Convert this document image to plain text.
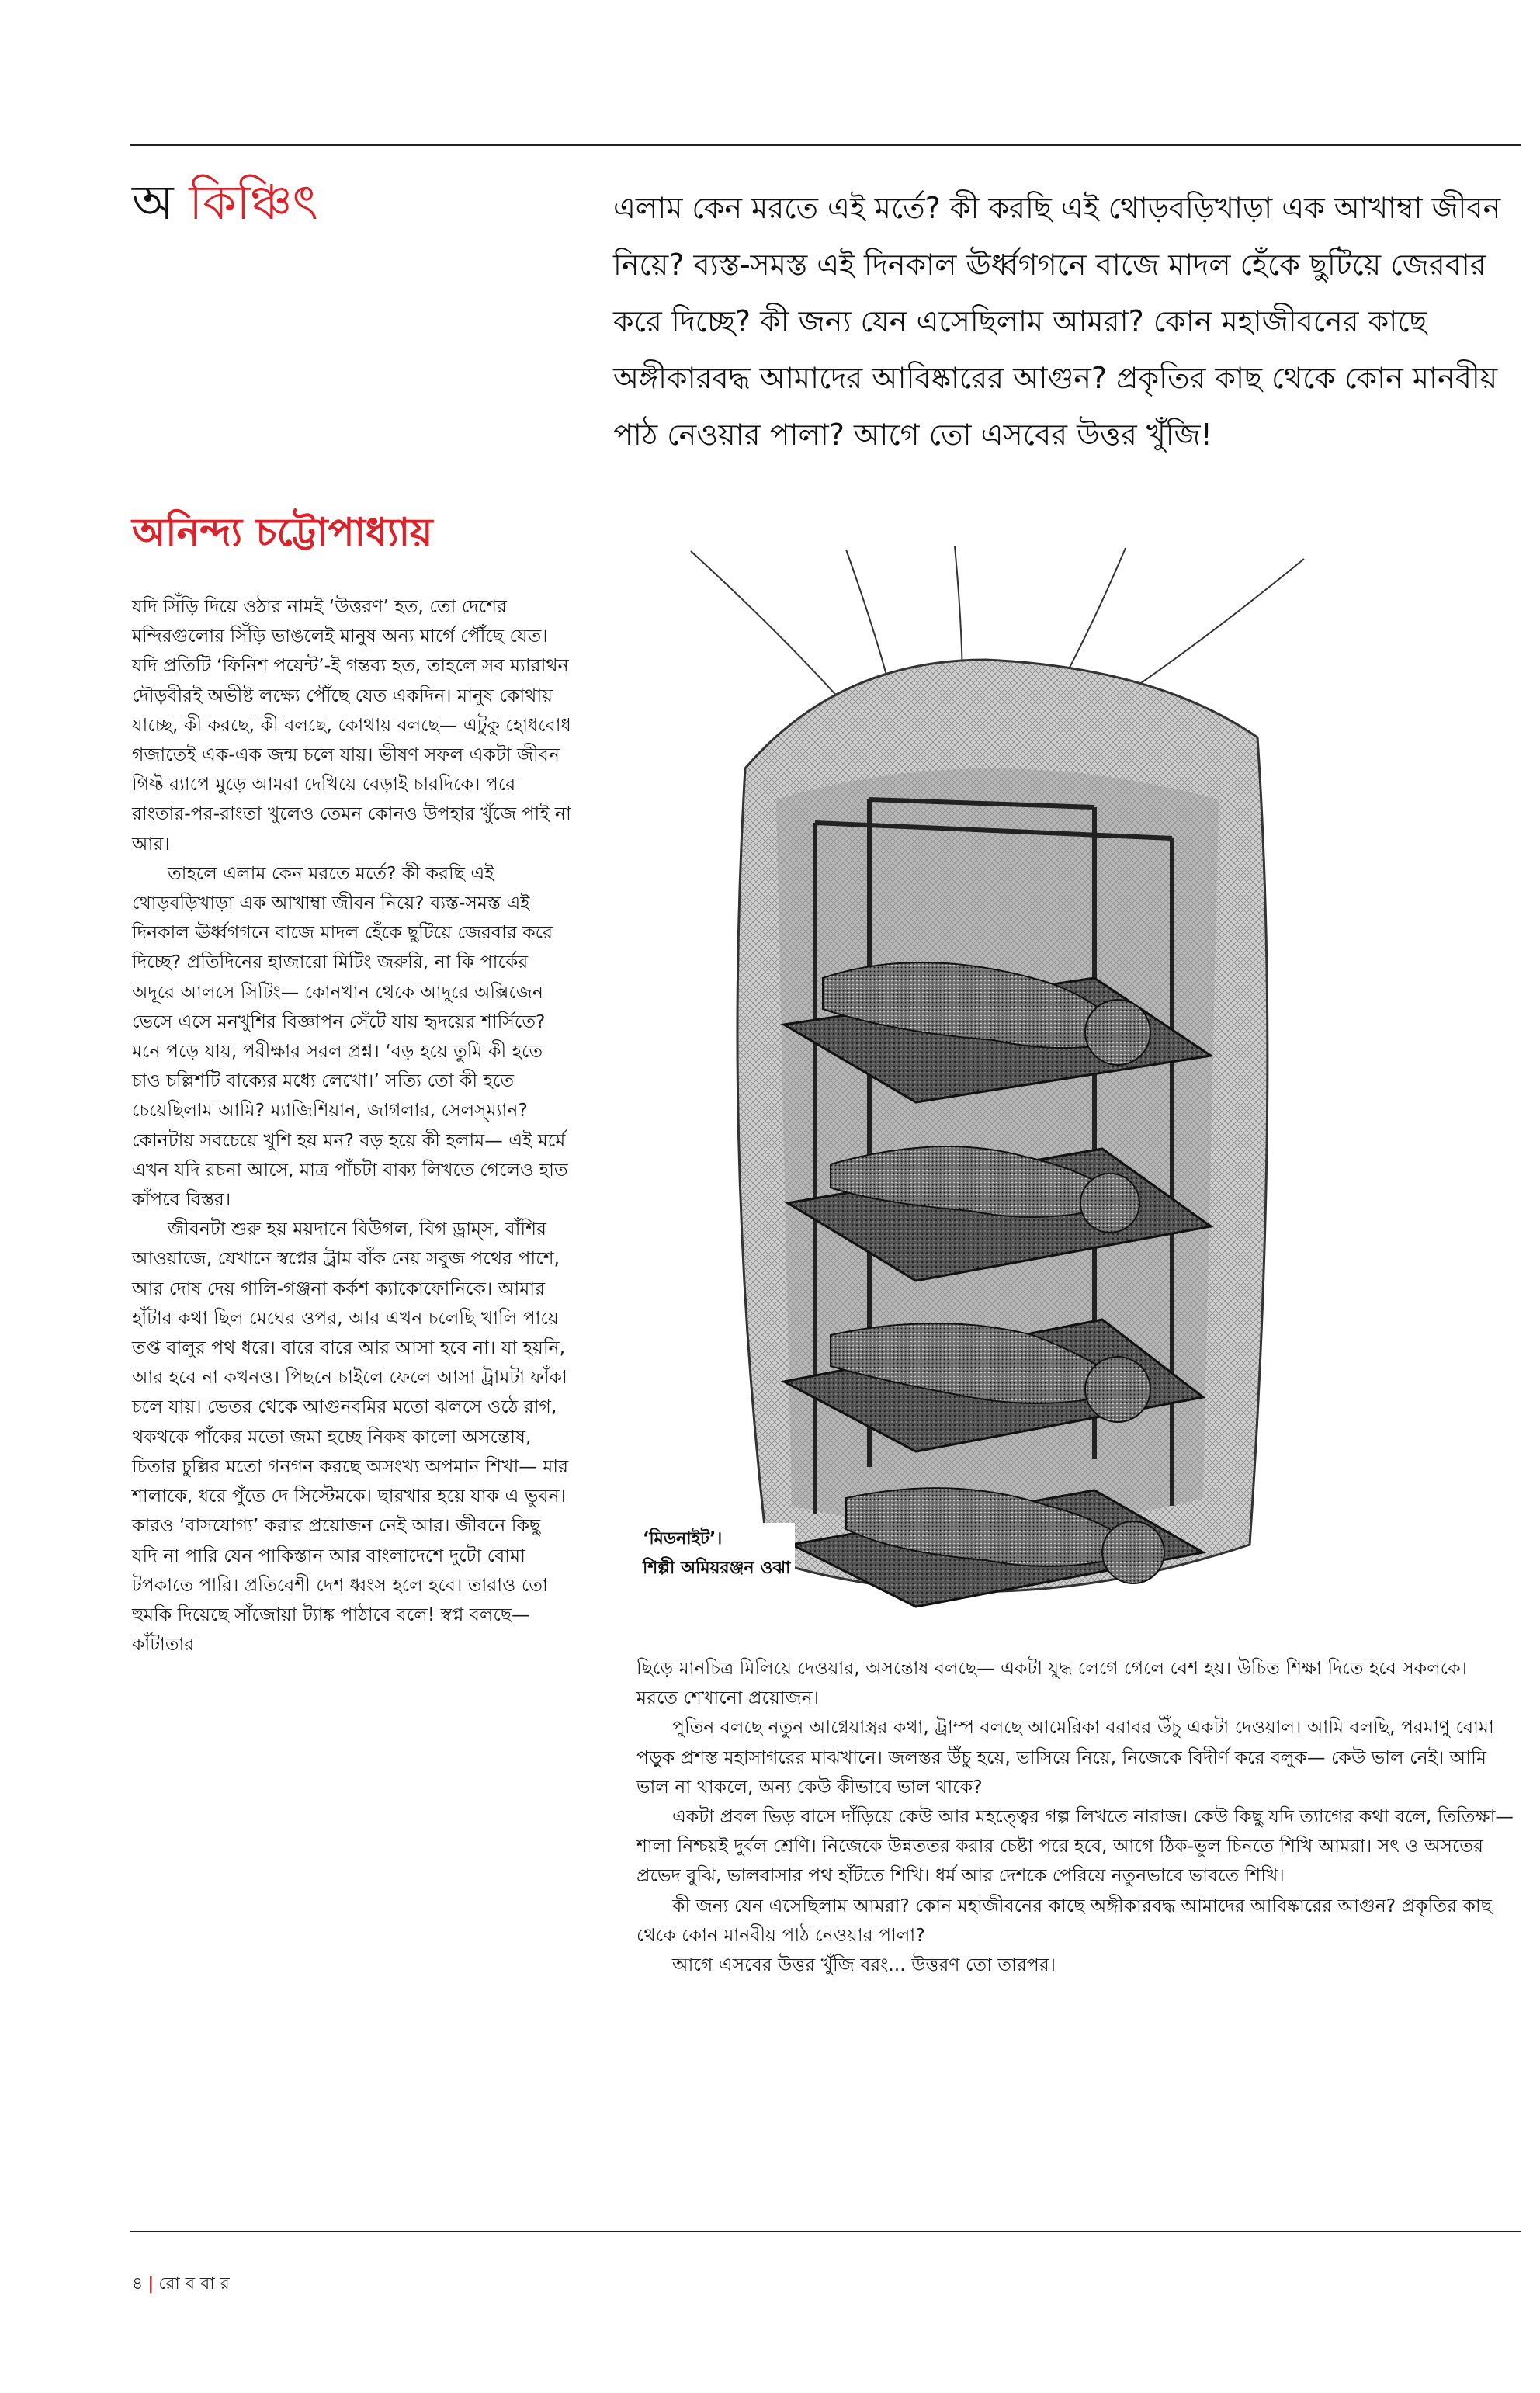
অ কিঞ্চিৎ	এলাম কেন মরতে এই মর্তে? কী করছি এই থোড়বড়িখাড়া এক আখাম্বা জীবন নিয়ে? ব্যস্ত-সমস্ত এই দিনকাল ঊর্ধ্বগগনে বাজে মাদল হেঁকে ছুটিয়ে জেরবার করে দিচ্ছে? কী জন্য যেন এসেছিলাম আমরা? কোন মহাজীবনের কাছে অঙ্গীকারবদ্ধ আমাদের আবিষ্কারের আগুন? প্রকৃতির কাছ থেকে কোন মানবীয় পাঠ নেওয়ার পালা? আগে তো এসবের উত্তর খুঁজি!

অনিন্দ্য চট্টোপাধ্যায়

যদি সিঁড়ি দিয়ে ওঠার নামই ‘উত্তরণ’ হত, তো দেশের মন্দিরগুলোর সিঁড়ি ভাঙলেই মানুষ অন্য মার্গে পৌঁছে যেত। যদি প্রতিটি ‘ফিনিশ পয়েন্ট’-ই গন্তব্য হত, তাহলে সব ম্যারাথন দৌড়বীরই অভীষ্ট লক্ষ্যে পৌঁছে যেত একদিন। মানুষ কোথায় যাচ্ছে, কী করছে, কী বলছে, কোথায় বলছে— এটুকু হোধবোধ গজাতেই এক-এক জন্ম চলে যায়। ভীষণ সফল একটা জীবন গিফ্ট র‍্যাপে মুড়ে আমরা দেখিয়ে বেড়াই চারদিকে। পরে রাংতার-পর-রাংতা খুলেও তেমন কোনও উপহার খুঁজে পাই না আর।

তাহলে এলাম কেন মরতে মর্তে? কী করছি এই থোড়বড়িখাড়া এক আখাম্বা জীবন নিয়ে? ব্যস্ত-সমস্ত এই দিনকাল ঊর্ধ্বগগনে বাজে মাদল হেঁকে ছুটিয়ে জেরবার করে দিচ্ছে? প্রতিদিনের হাজারো মিটিং জরুরি, না কি পার্কের অদূরে আলসে সিটিং— কোনখান থেকে আদুরে অক্সিজেন ভেসে এসে মনখুশির বিজ্ঞাপন সেঁটে যায় হৃদয়ের শার্সিতে? মনে পড়ে যায়, পরীক্ষার সরল প্রশ্ন। ‘বড় হয়ে তুমি কী হতে চাও চল্লিশটি বাক্যের মধ্যে লেখো।’ সত্যি তো কী হতে চেয়েছিলাম আমি? ম্যাজিশিয়ান, জাগলার, সেলস্‌ম্যান? কোনটায় সবচেয়ে খুশি হয় মন? বড় হয়ে কী হলাম— এই মর্মে এখন যদি রচনা আসে, মাত্র পাঁচটা বাক্য লিখতে গেলেও হাত কাঁপবে বিস্তর।

জীবনটা শুরু হয় ময়দানে বিউগল, বিগ ড্রাম্স, বাঁশির আওয়াজে, যেখানে স্বপ্নের ট্রাম বাঁক নেয় সবুজ পথের পাশে, আর দোষ দেয় গালি-গঞ্জনা কর্কশ ক্যাকোফোনিকে। আমার হাঁটার কথা ছিল মেঘের ওপর, আর এখন চলেছি খালি পায়ে তপ্ত বালুর পথ ধরে। বারে বারে আর আসা হবে না। যা হয়নি, আর হবে না কখনও। পিছনে চাইলে ফেলে আসা ট্রামটা ফাঁকা চলে যায়। ভেতর থেকে আগুনবমির মতো ঝলসে ওঠে রাগ, থকথকে পাঁকের মতো জমা হচ্ছে নিকষ কালো অসন্তোষ, চিতার চুল্লির মতো গনগন করছে অসংখ্য অপমান শিখা— মার শালাকে, ধরে পুঁতে দে সিস্টেমকে। ছারখার হয়ে যাক এ ভুবন। কারও ‘বাসযোগ্য’ করার প্রয়োজন নেই আর। জীবনে কিছু যদি না পারি যেন পাকিস্তান আর বাংলাদেশে দুটো বোমা টপকাতে পারি। প্রতিবেশী দেশ ধ্বংস হলে হবে। তারাও তো হুমকি দিয়েছে সাঁজোয়া ট্যাঙ্ক পাঠাবে বলে! স্বপ্ন বলছে— কাঁটাতার

‘মিডনাইট’।
শিল্পী অমিয়রঞ্জন ওঝা

ছিড়ে মানচিত্র মিলিয়ে দেওয়ার, অসন্তোষ বলছে— একটা যুদ্ধ লেগে গেলে বেশ হয়। উচিত শিক্ষা দিতে হবে সকলকে। মরতে শেখানো প্রয়োজন।

পুতিন বলছে নতুন আগ্নেয়াস্ত্রর কথা, ট্রাম্প বলছে আমেরিকা বরাবর উঁচু একটা দেওয়াল। আমি বলছি, পরমাণু বোমা পড়ুক প্রশস্ত মহাসাগরের মাঝখানে। জলস্তর উঁচু হয়ে, ভাসিয়ে নিয়ে, নিজেকে বিদীর্ণ করে বলুক— কেউ ভাল নেই। আমি ভাল না থাকলে, অন্য কেউ কীভাবে ভাল থাকে?

একটা প্রবল ভিড় বাসে দাঁড়িয়ে কেউ আর মহত্ত্বের গল্প লিখতে নারাজ। কেউ কিছু যদি ত্যাগের কথা বলে, তিতিক্ষা— শালা নিশ্চয়ই দুর্বল শ্রেণি। নিজেকে উন্নততর করার চেষ্টা পরে হবে, আগে ঠিক-ভুল চিনতে শিখি আমরা। সৎ ও অসতের প্রভেদ বুঝি, ভালবাসার পথ হাঁটতে শিখি। ধর্ম আর দেশকে পেরিয়ে নতুনভাবে ভাবতে শিখি।

কী জন্য যেন এসেছিলাম আমরা? কোন মহাজীবনের কাছে অঙ্গীকারবদ্ধ আমাদের আবিষ্কারের আগুন? প্রকৃতির কাছ থেকে কোন মানবীয় পাঠ নেওয়ার পালা?

আগে এসবের উত্তর খুঁজি বরং... উত্তরণ তো তারপর।

৪ | রো ব বা র
